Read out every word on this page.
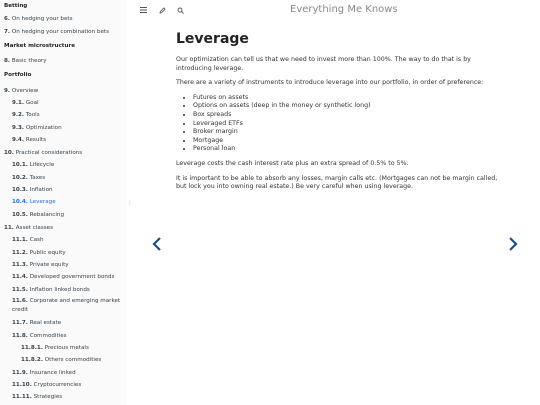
Betting
6. On hedging your bets
7. On hedging your combination bets
Market microstructure
8. Basic theory
Portfolio
9. Overview
9.1. Goal
9.2. Tools
9.3. Optimization
9.4. Results
10. Practical considerations
10.1. Lifecycle
10.2. Taxes
10.3. Inflation
10.4. Leverage
10.5. Rebalancing
11. Asset classes
11.1. Cash
11.2. Public equity
11.3. Private equity
11.4. Developed government bonds
11.5. Inflation linked bonds
11.6. Corporate and emerging market credit
11.7. Real estate
11.8. Commodities
11.8.1. Precious metals
11.8.2. Others commodities
11.9. Insurance linked
11.10. Cryptocurrencies
11.11. Strategies
⋮
Everything Me Knows
Leverage

Our optimization can tell us that we need to invest more than 100%. The way to do that is by introducing leverage.

There are a variety of instruments to introduce leverage into our portfolio, in order of preference:

• Futures on assets
• Options on assets (deep in the money or synthetic long)
• Box spreads
• Leveraged ETFs
• Broker margin
• Mortgage
• Personal loan

Leverage costs the cash interest rate plus an extra spread of 0.5% to 5%.

It is important to be able to absorb any losses, margin calls etc. (Mortgages can not be margin called, but lock you into owning real estate.) Be very careful when using leverage.
